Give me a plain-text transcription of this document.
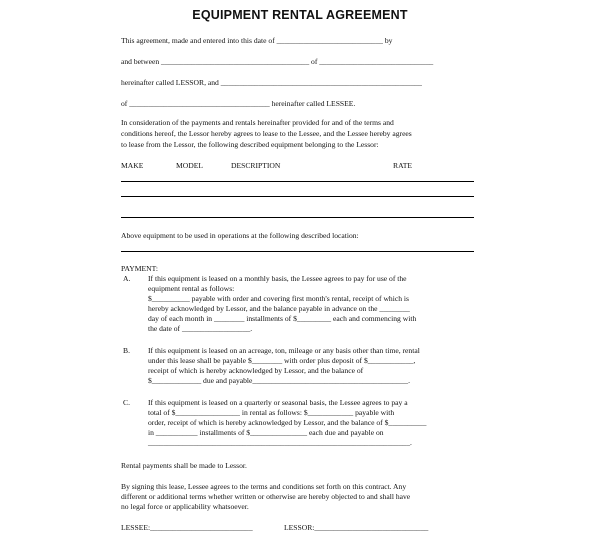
EQUIPMENT RENTAL AGREEMENT
This agreement, made and entered into this date of ____________________________ by
and between _______________________________________ of ______________________________
hereinafter called LESSOR, and _____________________________________________________
of _____________________________________ hereinafter called LESSEE.
In consideration of the payments and rentals hereinafter provided for and of the terms and
conditions hereof, the Lessor hereby agrees to lease to the Lessee, and the Lessee hereby agrees
to lease from the Lessor, the following described equipment belonging to the Lessor:
MAKE	MODEL	DESCRIPTION	RATE
Above equipment to be used in operations at the following described location:
PAYMENT:
A. If this equipment is leased on a monthly basis, the Lessee agrees to pay for use of the
equipment rental as follows:
$__________ payable with order and covering first month's rental, receipt of which is
hereby acknowledged by Lessor, and the balance payable in advance on the ________
day of each month in ________ installments of $_________ each and commencing with
the date of __________________.
B. If this equipment is leased on an acreage, ton, mileage or any basis other than time, rental
under this lease shall be payable $________ with order plus deposit of $____________,
receipt of which is hereby acknowledged by Lessor, and the balance of
$_____________ due and payable_________________________________________.
C. If this equipment is leased on a quarterly or seasonal basis, the Lessee agrees to pay a
total of $_________________ in rental as follows: $____________ payable with
order, receipt of which is hereby acknowledged by Lessor, and the balance of $__________
in ___________ installments of $_______________ each due and payable on
_____________________________________________________________________.
Rental payments shall be made to Lessor.
By signing this lease, Lessee agrees to the terms and conditions set forth on this contract. Any
different or additional terms whether written or otherwise are hereby objected to and shall have
no legal force or applicability whatsoever.
LESSEE:___________________________	LESSOR:______________________________
